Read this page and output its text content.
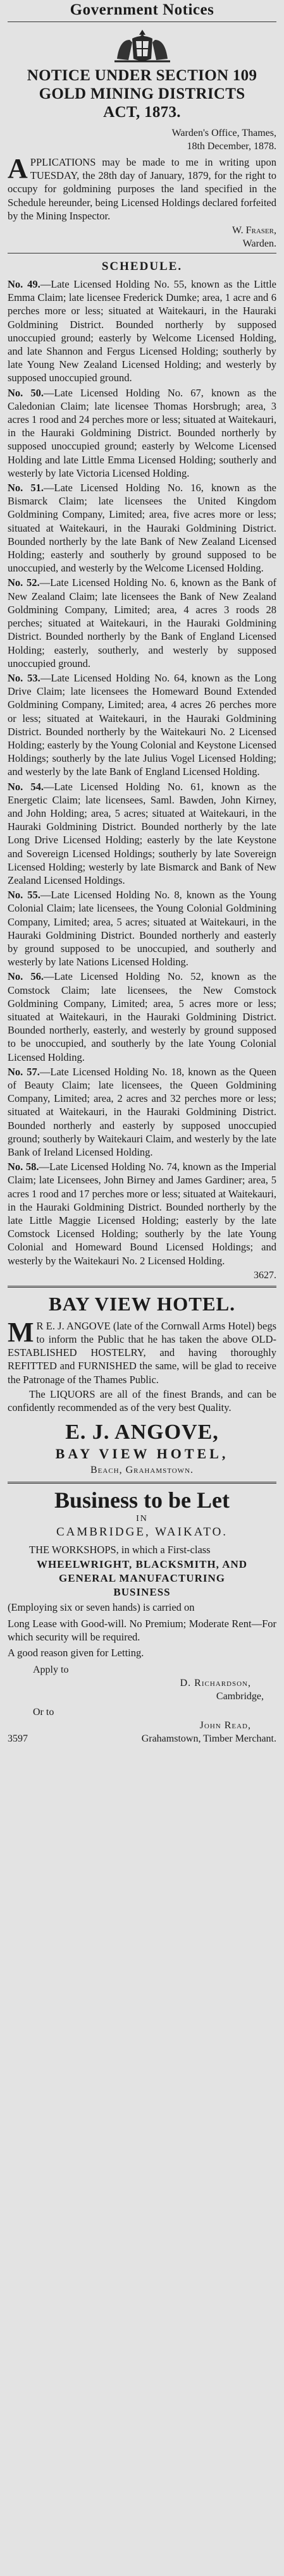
Government Notices
NOTICE UNDER SECTION 109
GOLD MINING DISTRICTS
ACT, 1873.
Warden's Office, Thames,
18th December, 1878.
APPLICATIONS may be made to me in writing upon TUESDAY, the 28th day of January, 1879, for the right to occupy for goldmining purposes the land specified in the Schedule hereunder, being Licensed Holdings declared forfeited by the Mining Inspector.
W. Fraser,
Warden.
SCHEDULE.
No. 49.—Late Licensed Holding No. 55, known as the Little Emma Claim; late licensee Frederick Dumke; area, 1 acre and 6 perches more or less; situated at Waitekauri, in the Hauraki Goldmining District. Bounded northerly by supposed unoccupied ground; easterly by Welcome Licensed Holding, and late Shannon and Fergus Licensed Holding; southerly by late Young New Zealand Licensed Holding; and westerly by supposed unoccupied ground.
No. 50.—Late Licensed Holding No. 67, known as the Caledonian Claim; late licensee Thomas Horsbrugh; area, 3 acres 1 rood and 24 perches more or less; situated at Waitekauri, in the Hauraki Goldmining District. Bounded northerly by supposed unoccupied ground; easterly by Welcome Licensed Holding and late Little Emma Licensed Holding; southerly and westerly by late Victoria Licensed Holding.
No. 51.—Late Licensed Holding No. 16, known as the Bismarck Claim; late licensees the United Kingdom Goldmining Company, Limited; area, five acres more or less; situated at Waitekauri, in the Hauraki Goldmining District. Bounded northerly by the late Bank of New Zealand Licensed Holding; easterly and southerly by ground supposed to be unoccupied, and westerly by the Welcome Licensed Holding.
No. 52.—Late Licensed Holding No. 6, known as the Bank of New Zealand Claim; late licensees the Bank of New Zealand Goldmining Company, Limited; area, 4 acres 3 roods 28 perches; situated at Waitekauri, in the Hauraki Goldmining District. Bounded northerly by the Bank of England Licensed Holding; easterly, southerly, and westerly by supposed unoccupied ground.
No. 53.—Late Licensed Holding No. 64, known as the Long Drive Claim; late licensees the Homeward Bound Extended Goldmining Company, Limited; area, 4 acres 26 perches more or less; situated at Waitekauri, in the Hauraki Goldmining District. Bounded northerly by the Waitekauri No. 2 Licensed Holding; easterly by the Young Colonial and Keystone Licensed Holdings; southerly by the late Julius Vogel Licensed Holding; and westerly by the late Bank of England Licensed Holding.
No. 54.—Late Licensed Holding No. 61, known as the Energetic Claim; late licensees, Saml. Bawden, John Kirney, and John Holding; area, 5 acres; situated at Waitekauri, in the Hauraki Goldmining District. Bounded northerly by the late Long Drive Licensed Holding; easterly by the late Keystone and Sovereign Licensed Holdings; southerly by late Sovereign Licensed Holding; westerly by late Bismarck and Bank of New Zealand Licensed Holdings.
No. 55.—Late Licensed Holding No. 8, known as the Young Colonial Claim; late licensees, the Young Colonial Goldmining Company, Limited; area, 5 acres; situated at Waitekauri, in the Hauraki Goldmining District. Bounded northerly and easterly by ground supposed to be unoccupied, and southerly and westerly by late Nations Licensed Holding.
No. 56.—Late Licensed Holding No. 52, known as the Comstock Claim; late licensees, the New Comstock Goldmining Company, Limited; area, 5 acres more or less; situated at Waitekauri, in the Hauraki Goldmining District. Bounded northerly, easterly, and westerly by ground supposed to be unoccupied, and southerly by the late Young Colonial Licensed Holding.
No. 57.—Late Licensed Holding No. 18, known as the Queen of Beauty Claim; late licensees, the Queen Goldmining Company, Limited; area, 2 acres and 32 perches more or less; situated at Waitekauri, in the Hauraki Goldmining District. Bounded northerly and easterly by supposed unoccupied ground; southerly by Waitekauri Claim, and westerly by the late Bank of Ireland Licensed Holding.
No. 58.—Late Licensed Holding No. 74, known as the Imperial Claim; late Licensees, John Birney and James Gardiner; area, 5 acres 1 rood and 17 perches more or less; situated at Waitekauri, in the Hauraki Goldmining District. Bounded northerly by the late Little Maggie Licensed Holding; easterly by the late Comstock Licensed Holding; southerly by the late Young Colonial and Homeward Bound Licensed Holdings; and westerly by the Waitekauri No. 2 Licensed Holding.
3627.
BAY VIEW HOTEL.
M R E. J. ANGOVE (late of the Cornwall Arms Hotel) begs to inform the Public that he has taken the above OLD-ESTABLISHED HOSTELRY, and having thoroughly REFITTED and FURNISHED the same, will be glad to receive the Patronage of the Thames Public.
The LIQUORS are all of the finest Brands, and can be confidently recommended as of the very best Quality.
E. J. ANGOVE,
BAY VIEW HOTEL,
Beach, Grahamstown.
Business to be Let
IN
CAMBRIDGE, WAIKATO.
THE WORKSHOPS, in which a First-class
WHEELWRIGHT, BLACKSMITH, AND
GENERAL MANUFACTURING
BUSINESS
(Employing six or seven hands) is carried on
Long Lease with Good-will. No Premium; Moderate Rent—For which security will be required.
A good reason given for Letting.
Apply to
D. Richardson,
Cambridge,
Or to
John Read,
3597	Grahamstown, Timber Merchant.
